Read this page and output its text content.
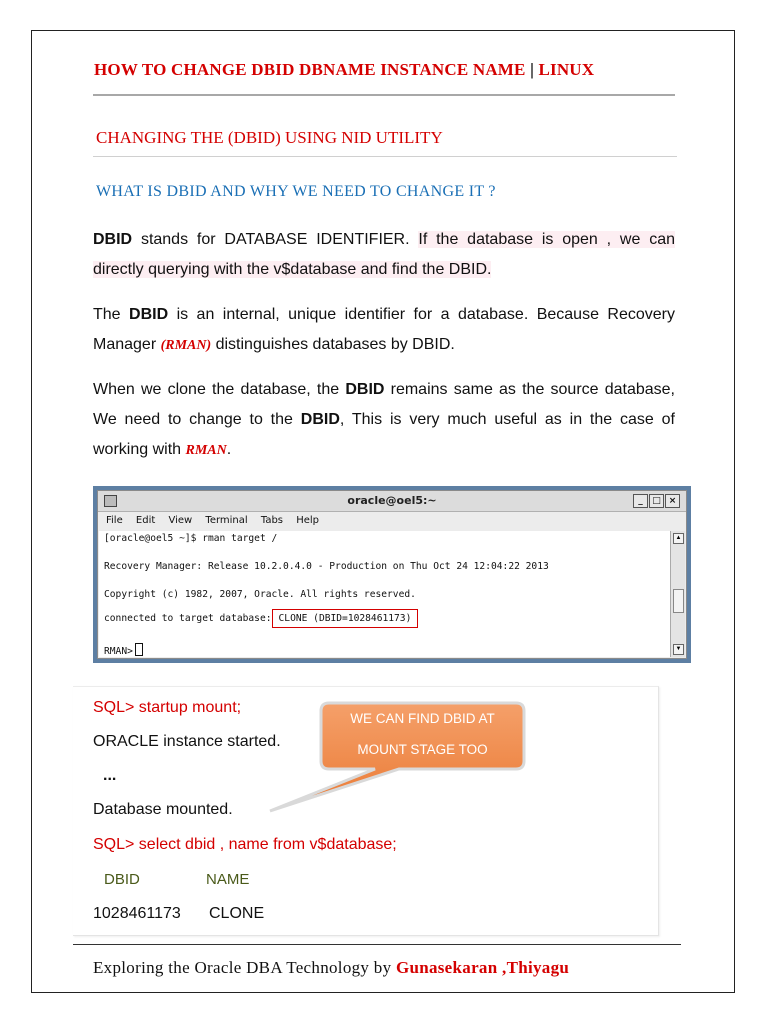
HOW TO CHANGE DBID DBNAME INSTANCE NAME | LINUX
CHANGING THE (DBID) USING NID UTILITY
WHAT IS DBID AND WHY WE NEED TO CHANGE IT ?
DBID stands for DATABASE IDENTIFIER. If the database is open , we can directly querying with the v$database and find the DBID.
The DBID is an internal, unique identifier for a database. Because Recovery Manager (RMAN) distinguishes databases by DBID.
When we clone the database, the DBID remains same as the source database, We need to change to the DBID, This is very much useful as in the case of working with RMAN.
oracle@oel5:~	_	□ ×
File Edit View Terminal Tabs Help
[oracle@oel5 ~]$ rman target /
Recovery Manager: Release 10.2.0.4.0 - Production on Thu Oct 24 12:04:22 2013
Copyright (c) 1982, 2007, Oracle. All rights reserved.
connected to target database: CLONE (DBID=1028461173)
RMAN>
▲
▼
SQL> startup mount;
ORACLE instance started.
...
Database mounted.
SQL> select dbid , name from v$database;
DBID	NAME
1028461173 CLONE
WE CAN FIND DBID AT
MOUNT STAGE TOO
Exploring the Oracle DBA Technology by Gunasekaran ,Thiyagu
